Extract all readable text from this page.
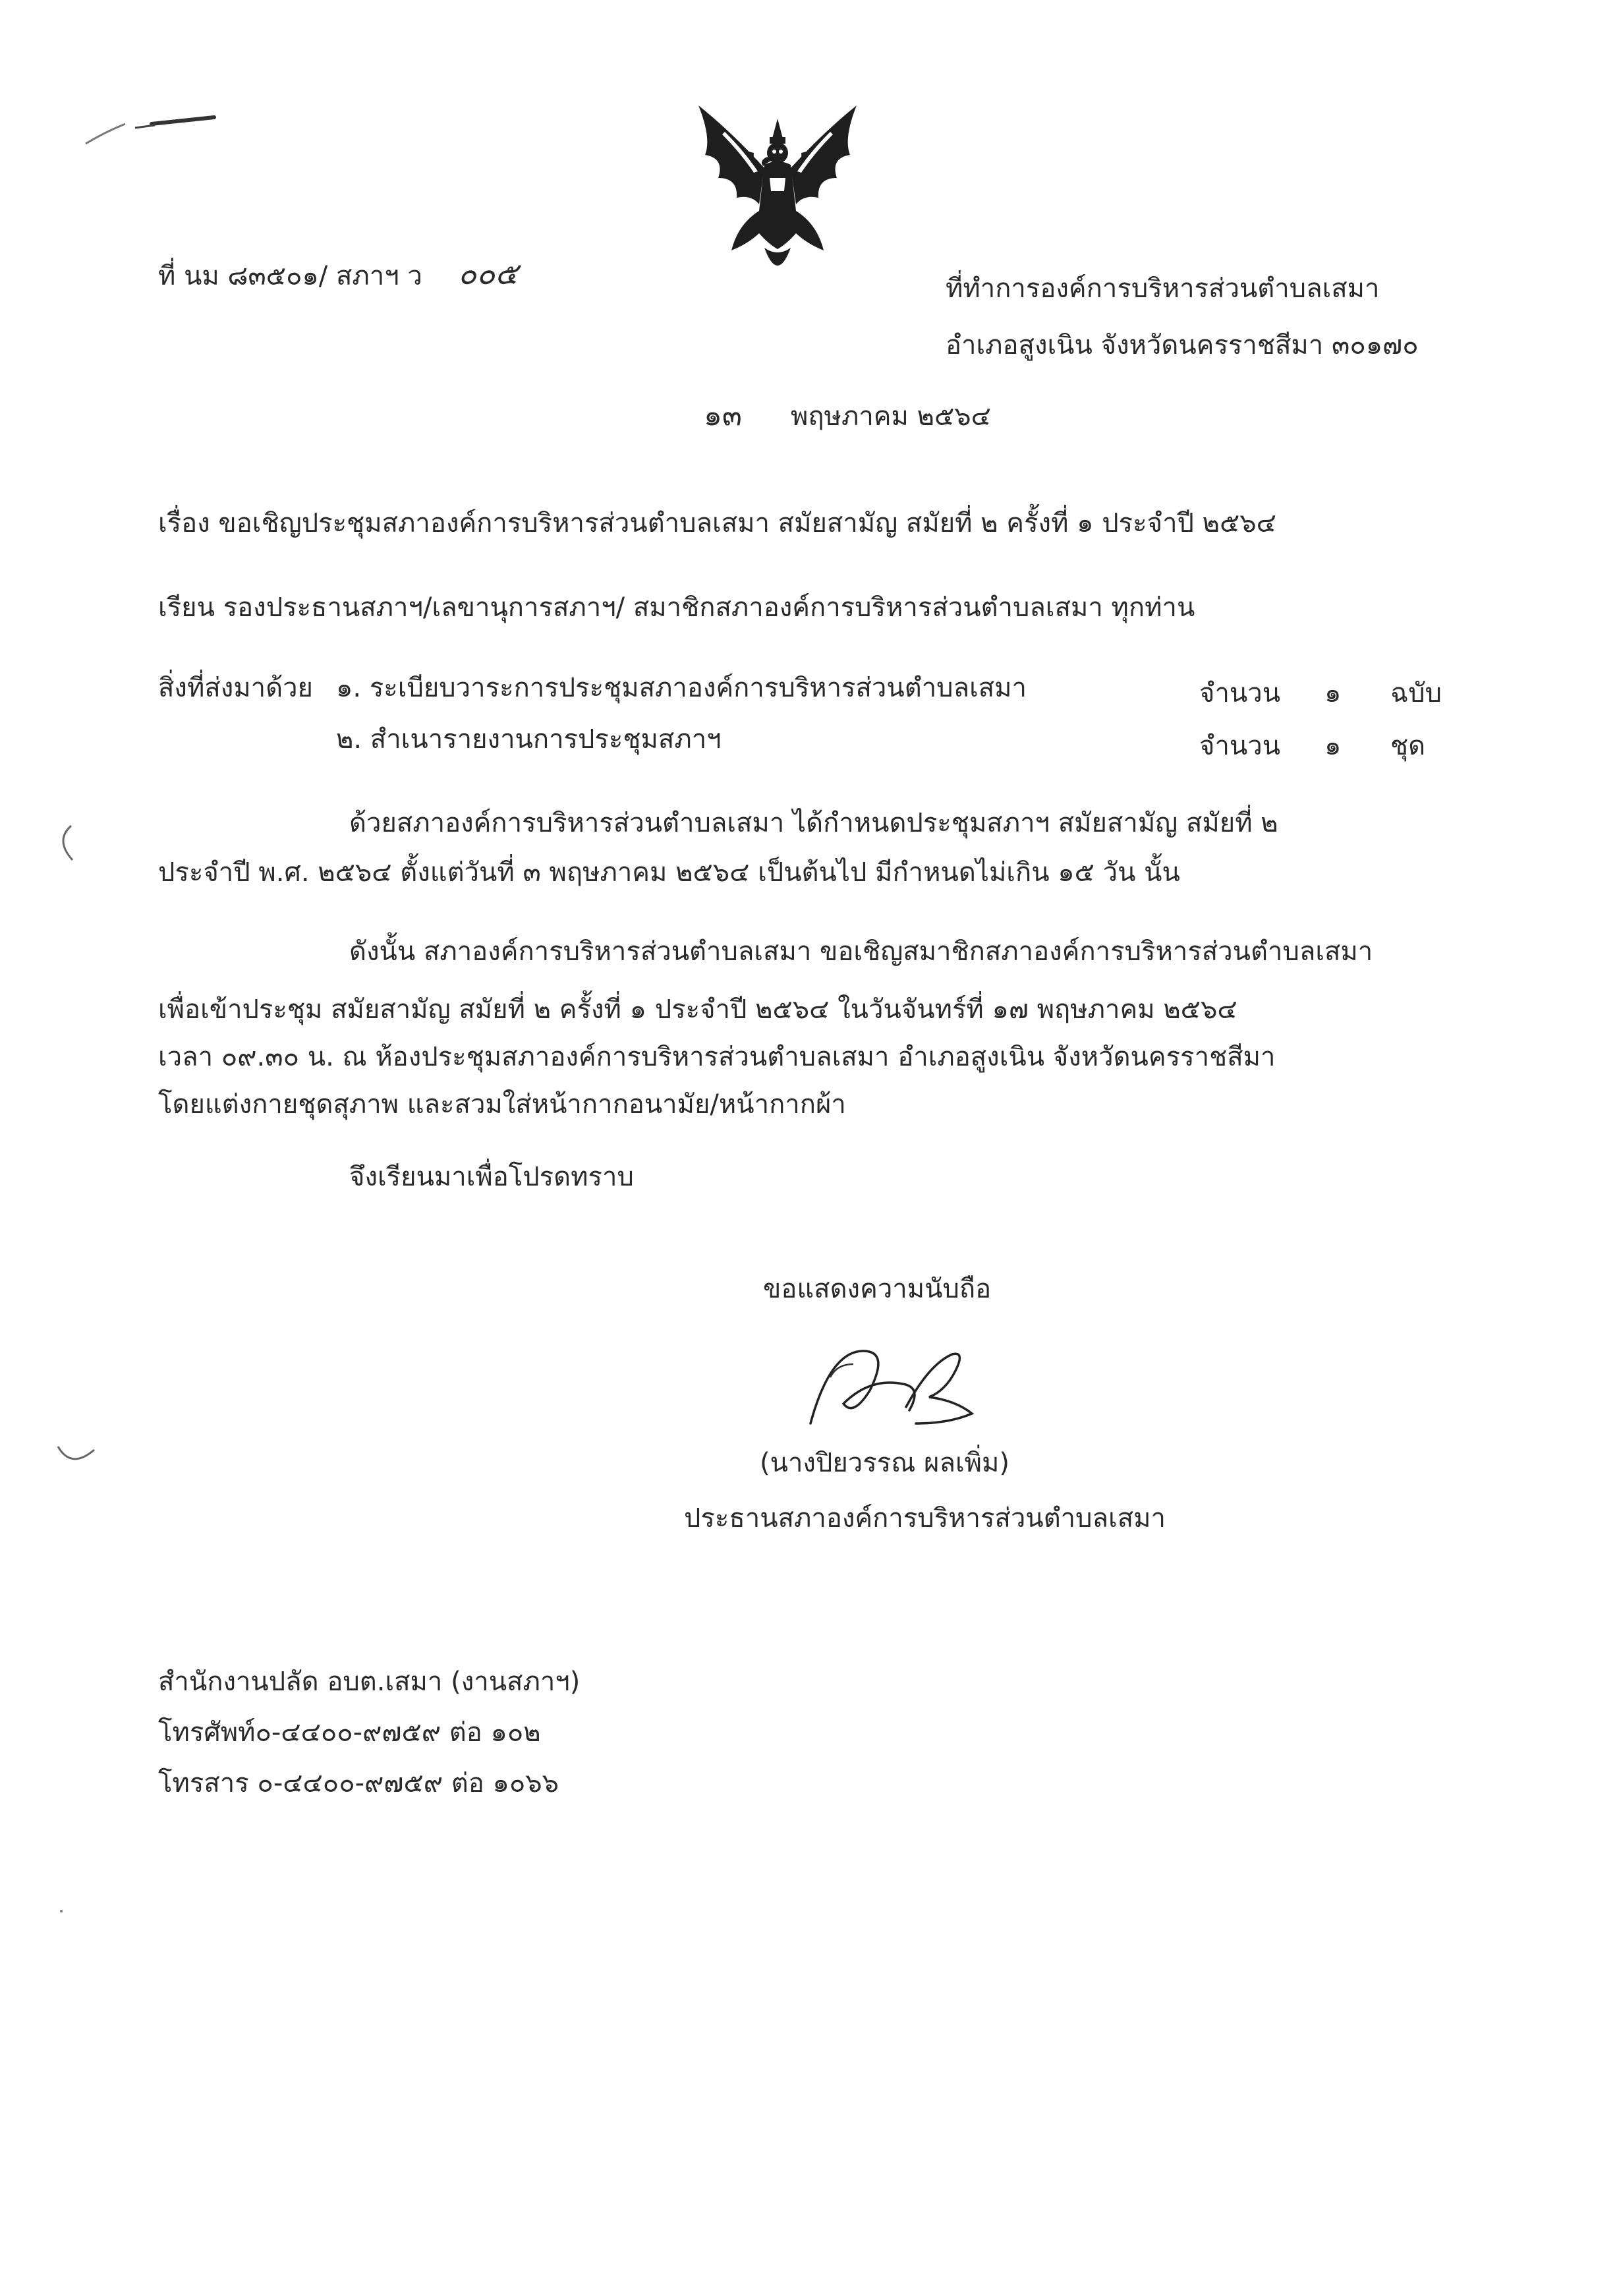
ที่ นม ๘๓๕๐๑/ สภาฯ ว ๐๐๕	ที่ทำการองค์การบริหารส่วนตำบลเสมา
อำเภอสูงเนิน จังหวัดนครราชสีมา ๓๐๑๗๐
๑๓ พฤษภาคม ๒๕๖๔
เรื่อง ขอเชิญประชุมสภาองค์การบริหารส่วนตำบลเสมา สมัยสามัญ สมัยที่ ๒ ครั้งที่ ๑ ประจำปี ๒๕๖๔
เรียน รองประธานสภาฯ/เลขานุการสภาฯ/ สมาชิกสภาองค์การบริหารส่วนตำบลเสมา ทุกท่าน
สิ่งที่ส่งมาด้วย ๑. ระเบียบวาระการประชุมสภาองค์การบริหารส่วนตำบลเสมา	จำนวน ๑ ฉบับ
๒. สำเนารายงานการประชุมสภาฯ	จำนวน ๑ ชุด
ด้วยสภาองค์การบริหารส่วนตำบลเสมา ได้กำหนดประชุมสภาฯ สมัยสามัญ สมัยที่ ๒
ประจำปี พ.ศ. ๒๕๖๔ ตั้งแต่วันที่ ๓ พฤษภาคม ๒๕๖๔ เป็นต้นไป มีกำหนดไม่เกิน ๑๕ วัน นั้น
ดังนั้น สภาองค์การบริหารส่วนตำบลเสมา ขอเชิญสมาชิกสภาองค์การบริหารส่วนตำบลเสมา
เพื่อเข้าประชุม สมัยสามัญ สมัยที่ ๒ ครั้งที่ ๑ ประจำปี ๒๕๖๔ ในวันจันทร์ที่ ๑๗ พฤษภาคม ๒๕๖๔
เวลา ๐๙.๓๐ น. ณ ห้องประชุมสภาองค์การบริหารส่วนตำบลเสมา อำเภอสูงเนิน จังหวัดนครราชสีมา
โดยแต่งกายชุดสุภาพ และสวมใส่หน้ากากอนามัย/หน้ากากผ้า
จึงเรียนมาเพื่อโปรดทราบ
ขอแสดงความนับถือ
(นางปิยวรรณ ผลเพิ่ม)
ประธานสภาองค์การบริหารส่วนตำบลเสมา
สำนักงานปลัด อบต.เสมา (งานสภาฯ)
โทรศัพท์๐-๔๔๐๐-๙๗๕๙ ต่อ ๑๐๒
โทรสาร ๐-๔๔๐๐-๙๗๕๙ ต่อ ๑๐๖๖
